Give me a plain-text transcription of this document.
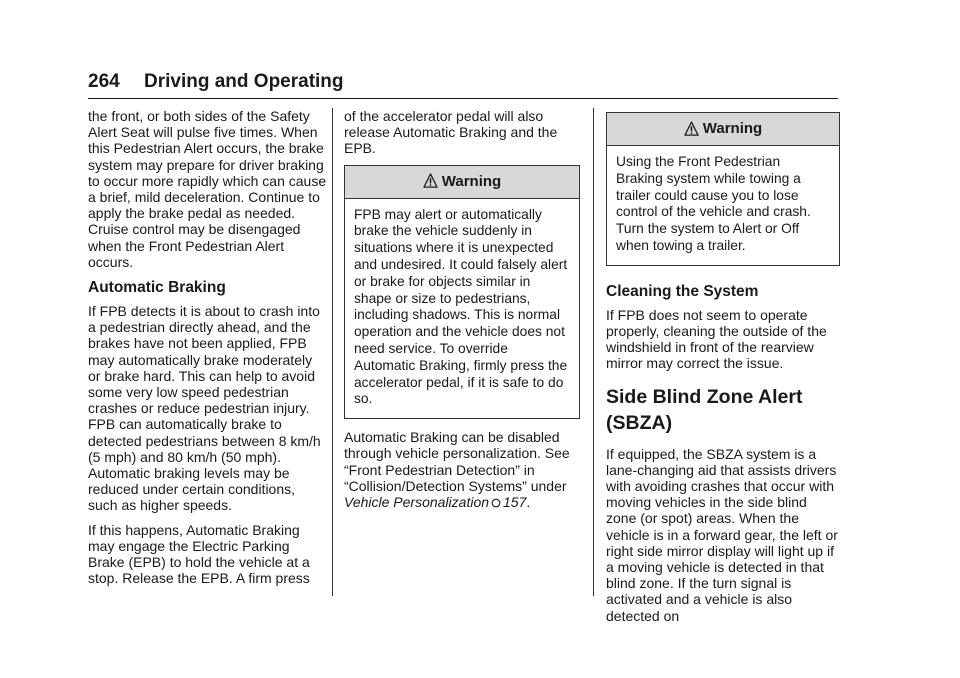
264 Driving and Operating

the front, or both sides of the Safety Alert Seat will pulse five times. When this Pedestrian Alert occurs, the brake system may prepare for driver braking to occur more rapidly which can cause a brief, mild deceleration. Continue to apply the brake pedal as needed. Cruise control may be disengaged when the Front Pedestrian Alert occurs.

Automatic Braking

If FPB detects it is about to crash into a pedestrian directly ahead, and the brakes have not been applied, FPB may automatically brake moderately or brake hard. This can help to avoid some very low speed pedestrian crashes or reduce pedestrian injury. FPB can automatically brake to detected pedestrians between 8 km/h (5 mph) and 80 km/h (50 mph). Automatic braking levels may be reduced under certain conditions, such as higher speeds.

If this happens, Automatic Braking may engage the Electric Parking Brake (EPB) to hold the vehicle at a stop. Release the EPB. A firm press

of the accelerator pedal will also release Automatic Braking and the EPB.

Warning
FPB may alert or automatically brake the vehicle suddenly in situations where it is unexpected and undesired. It could falsely alert or brake for objects similar in shape or size to pedestrians, including shadows. This is normal operation and the vehicle does not need service. To override Automatic Braking, firmly press the accelerator pedal, if it is safe to do so.

Automatic Braking can be disabled through vehicle personalization. See “Front Pedestrian Detection” in “Collision/Detection Systems” under Vehicle Personalization 157.

Warning
Using the Front Pedestrian Braking system while towing a trailer could cause you to lose control of the vehicle and crash. Turn the system to Alert or Off when towing a trailer.
Cleaning the System

If FPB does not seem to operate properly, cleaning the outside of the windshield in front of the rearview mirror may correct the issue.

Side Blind Zone Alert (SBZA)

If equipped, the SBZA system is a lane-changing aid that assists drivers with avoiding crashes that occur with moving vehicles in the side blind zone (or spot) areas. When the vehicle is in a forward gear, the left or right side mirror display will light up if a moving vehicle is detected in that blind zone. If the turn signal is activated and a vehicle is also detected on
